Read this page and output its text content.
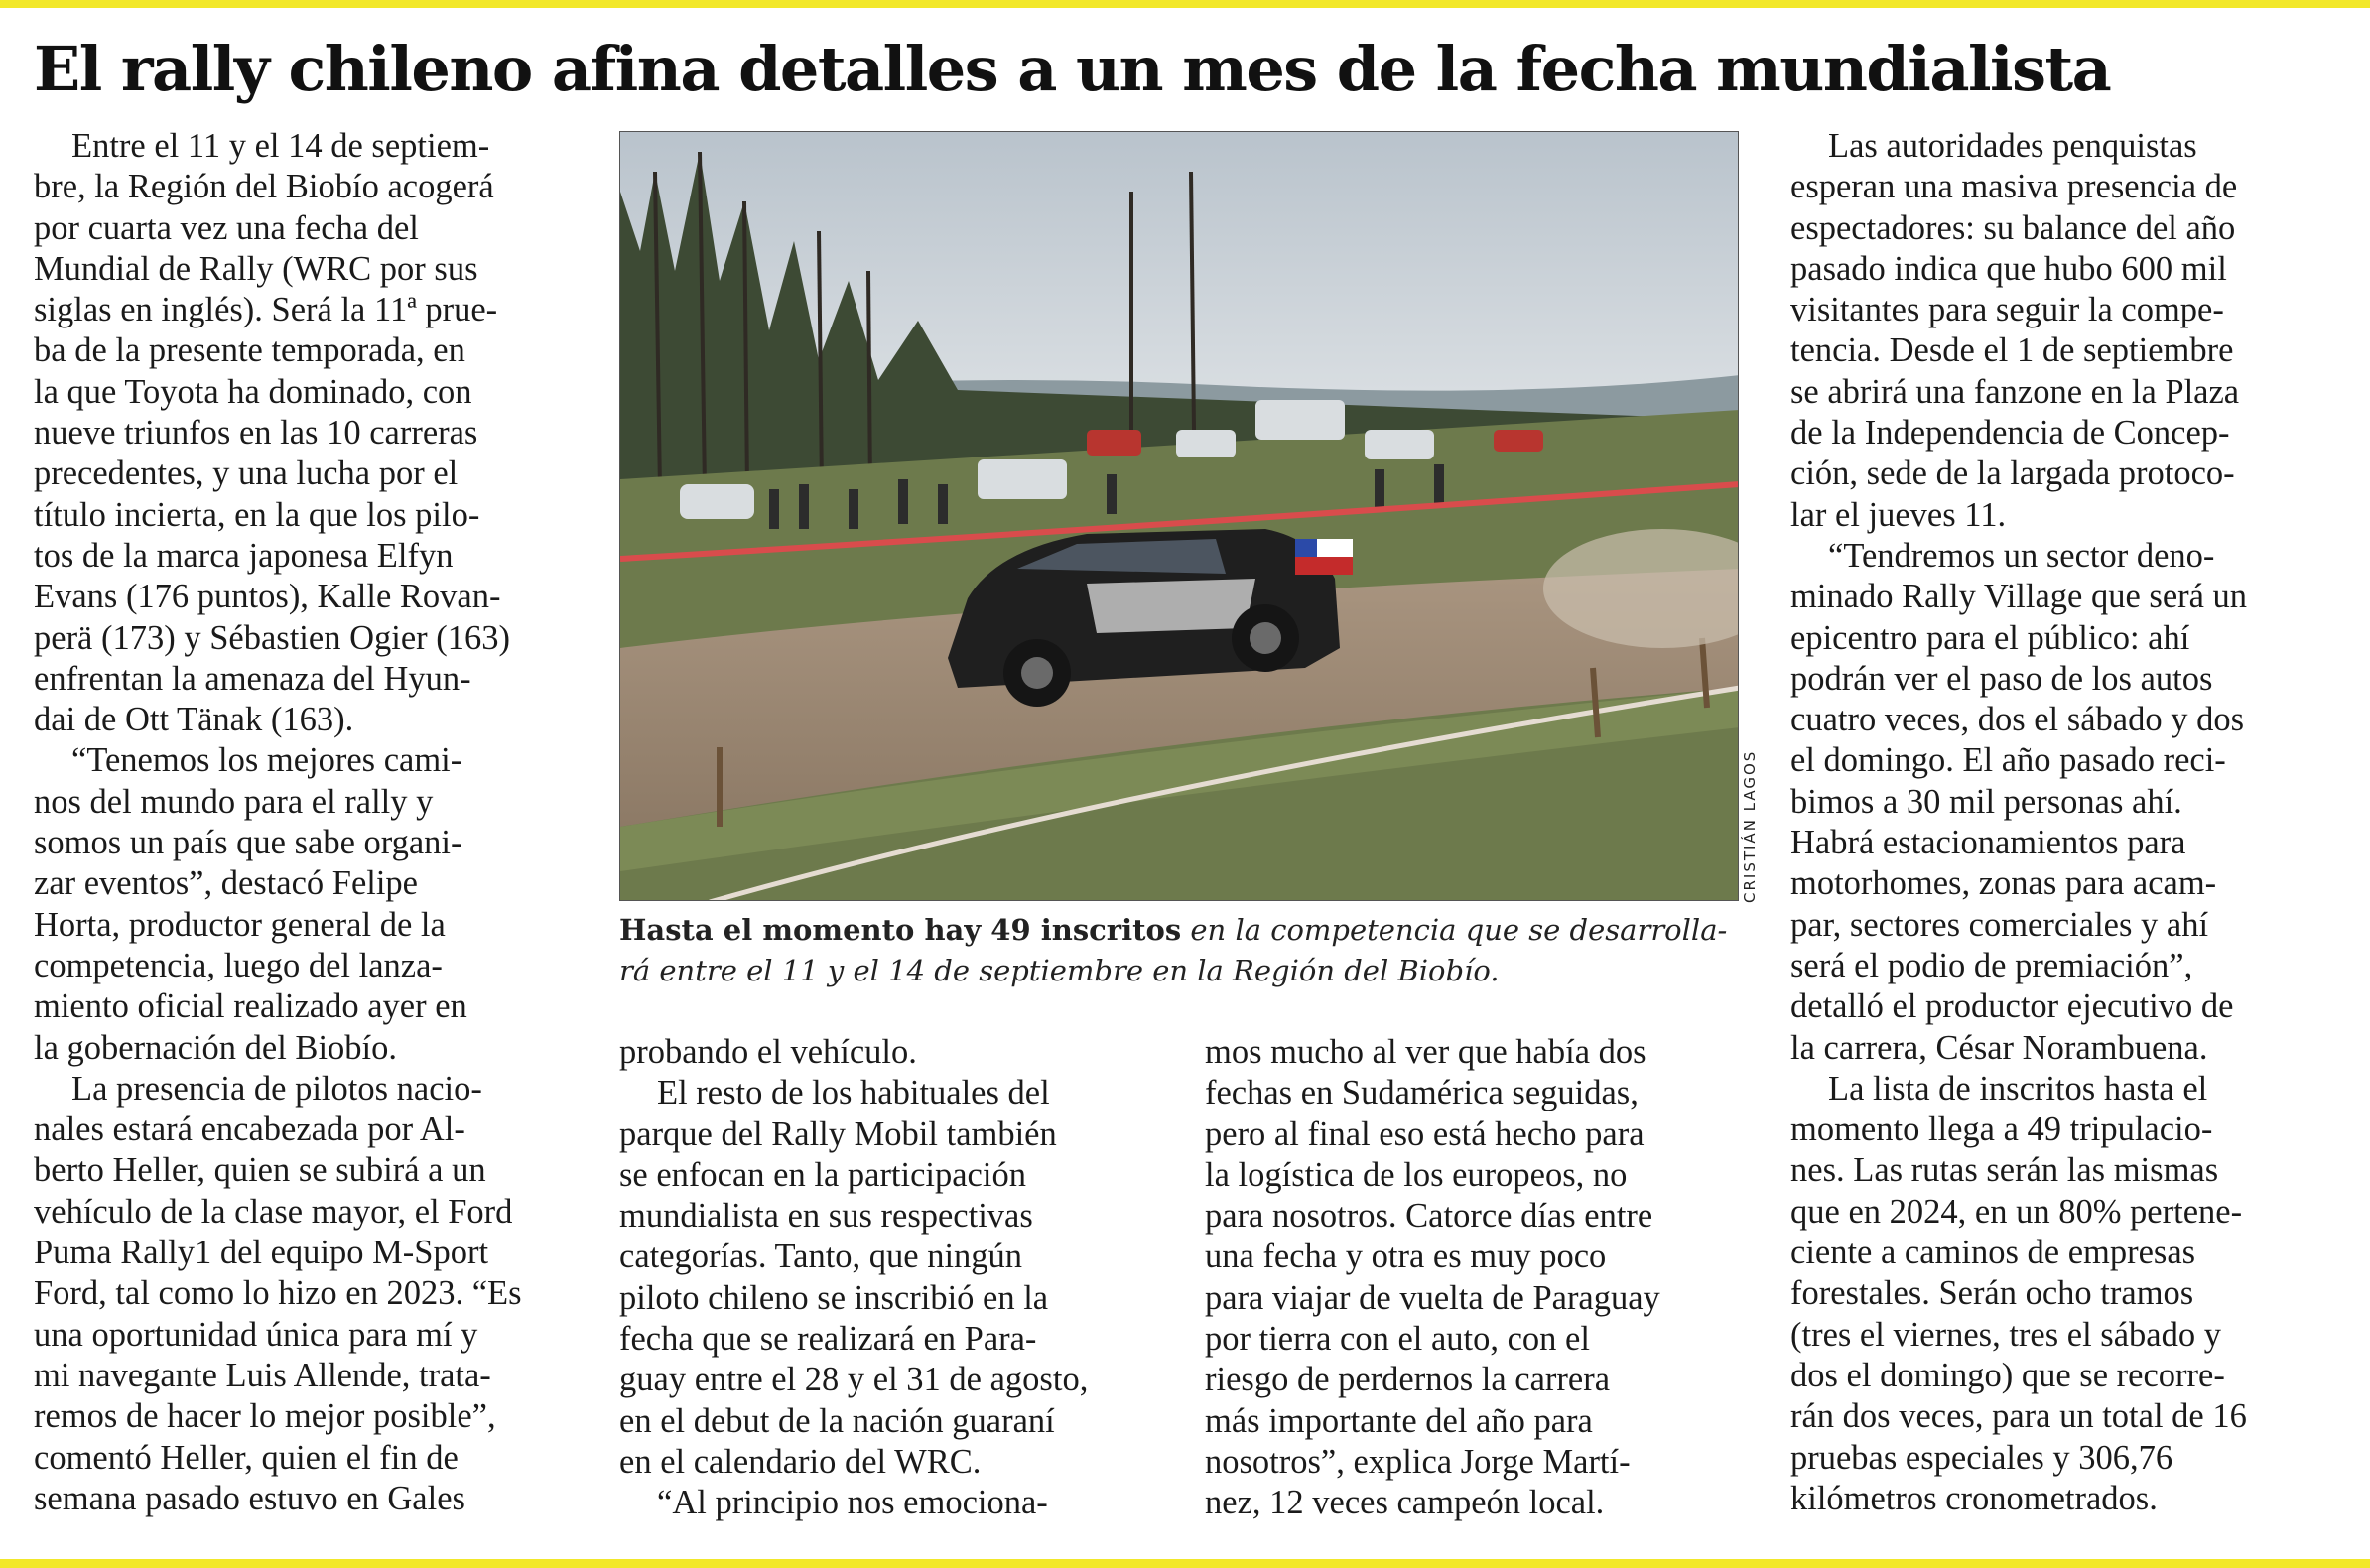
El rally chileno afina detalles a un mes de la fecha mundialista
Entre el 11 y el 14 de septiem-
bre, la Región del Biobío acogerá
por cuarta vez una fecha del
Mundial de Rally (WRC por sus
siglas en inglés). Será la 11ª prue-
ba de la presente temporada, en
la que Toyota ha dominado, con
nueve triunfos en las 10 carreras
precedentes, y una lucha por el
título incierta, en la que los pilo-
tos de la marca japonesa Elfyn
Evans (176 puntos), Kalle Rovan-
perä (173) y Sébastien Ogier (163)
enfrentan la amenaza del Hyun-
dai de Ott Tänak (163).
“Tenemos los mejores cami-
nos del mundo para el rally y
somos un país que sabe organi-
zar eventos”, destacó Felipe
Horta, productor general de la
competencia, luego del lanza-
miento oficial realizado ayer en
la gobernación del Biobío.
La presencia de pilotos nacio-
nales estará encabezada por Al-
berto Heller, quien se subirá a un
vehículo de la clase mayor, el Ford
Puma Rally1 del equipo M-Sport
Ford, tal como lo hizo en 2023. “Es
una oportunidad única para mí y
mi navegante Luis Allende, trata-
remos de hacer lo mejor posible”,
comentó Heller, quien el fin de
semana pasado estuvo en Gales
CRISTIÁN LAGOS
Hasta el momento hay 49 inscritos en la competencia que se desarrolla-
rá entre el 11 y el 14 de septiembre en la Región del Biobío.
probando el vehículo.
El resto de los habituales del
parque del Rally Mobil también
se enfocan en la participación
mundialista en sus respectivas
categorías. Tanto, que ningún
piloto chileno se inscribió en la
fecha que se realizará en Para-
guay entre el 28 y el 31 de agosto,
en el debut de la nación guaraní
en el calendario del WRC.
“Al principio nos emociona-
mos mucho al ver que había dos
fechas en Sudamérica seguidas,
pero al final eso está hecho para
la logística de los europeos, no
para nosotros. Catorce días entre
una fecha y otra es muy poco
para viajar de vuelta de Paraguay
por tierra con el auto, con el
riesgo de perdernos la carrera
más importante del año para
nosotros”, explica Jorge Martí-
nez, 12 veces campeón local.
Las autoridades penquistas
esperan una masiva presencia de
espectadores: su balance del año
pasado indica que hubo 600 mil
visitantes para seguir la compe-
tencia. Desde el 1 de septiembre
se abrirá una fanzone en la Plaza
de la Independencia de Concep-
ción, sede de la largada protoco-
lar el jueves 11.
“Tendremos un sector deno-
minado Rally Village que será un
epicentro para el público: ahí
podrán ver el paso de los autos
cuatro veces, dos el sábado y dos
el domingo. El año pasado reci-
bimos a 30 mil personas ahí.
Habrá estacionamientos para
motorhomes, zonas para acam-
par, sectores comerciales y ahí
será el podio de premiación”,
detalló el productor ejecutivo de
la carrera, César Norambuena.
La lista de inscritos hasta el
momento llega a 49 tripulacio-
nes. Las rutas serán las mismas
que en 2024, en un 80% pertene-
ciente a caminos de empresas
forestales. Serán ocho tramos
(tres el viernes, tres el sábado y
dos el domingo) que se recorre-
rán dos veces, para un total de 16
pruebas especiales y 306,76
kilómetros cronometrados.
